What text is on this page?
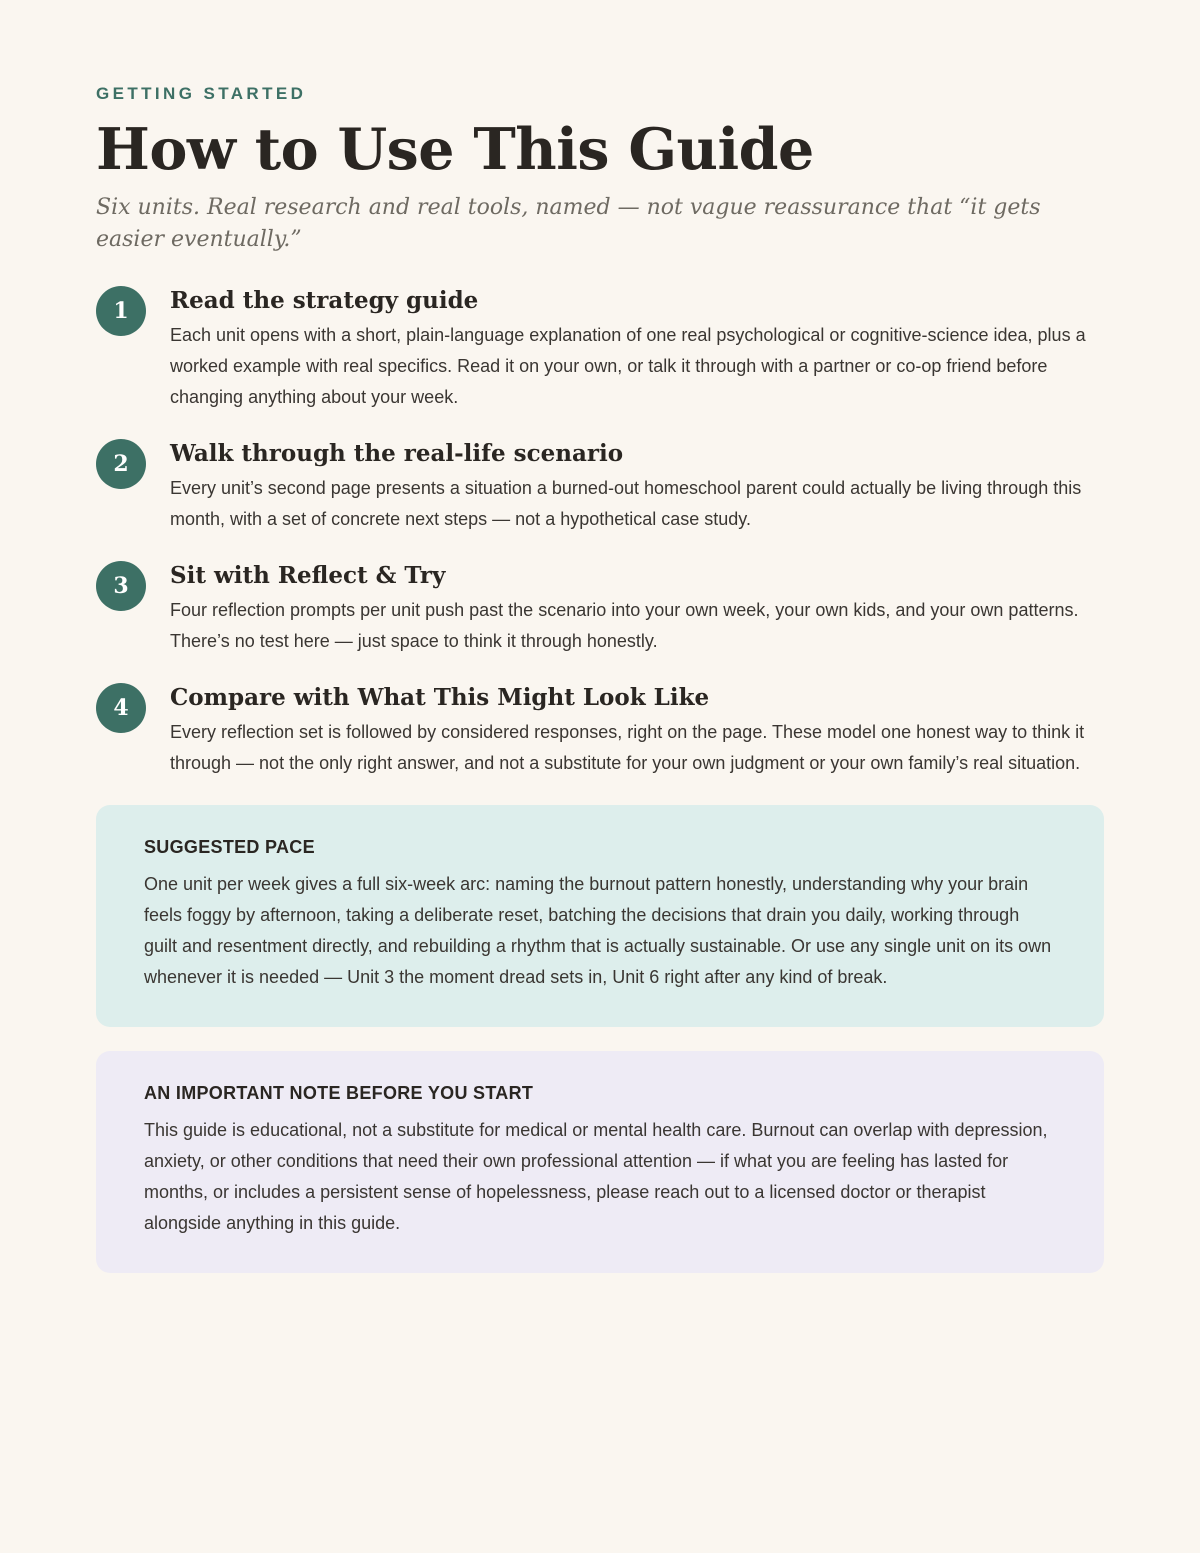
GETTING STARTED

How to Use This Guide

Six units. Real research and real tools, named — not vague reassurance that “it gets easier eventually.”

1	Read the strategy guide

Each unit opens with a short, plain-language explanation of one real psychological or cognitive-science idea, plus a worked example with real specifics. Read it on your own, or talk it through with a partner or co-op friend before changing anything about your week.

2	Walk through the real-life scenario

Every unit’s second page presents a situation a burned-out homeschool parent could actually be living through this month, with a set of concrete next steps — not a hypothetical case study.

3	Sit with Reflect & Try

Four reflection prompts per unit push past the scenario into your own week, your own kids, and your own patterns. There’s no test here — just space to think it through honestly.

4	Compare with What This Might Look Like

Every reflection set is followed by considered responses, right on the page. These model one honest way to think it through — not the only right answer, and not a substitute for your own judgment or your own family’s real situation.

SUGGESTED PACE

One unit per week gives a full six-week arc: naming the burnout pattern honestly, understanding why your brain feels foggy by afternoon, taking a deliberate reset, batching the decisions that drain you daily, working through guilt and resentment directly, and rebuilding a rhythm that is actually sustainable. Or use any single unit on its own whenever it is needed — Unit 3 the moment dread sets in, Unit 6 right after any kind of break.

AN IMPORTANT NOTE BEFORE YOU START

This guide is educational, not a substitute for medical or mental health care. Burnout can overlap with depression, anxiety, or other conditions that need their own professional attention — if what you are feeling has lasted for months, or includes a persistent sense of hopelessness, please reach out to a licensed doctor or therapist alongside anything in this guide.
